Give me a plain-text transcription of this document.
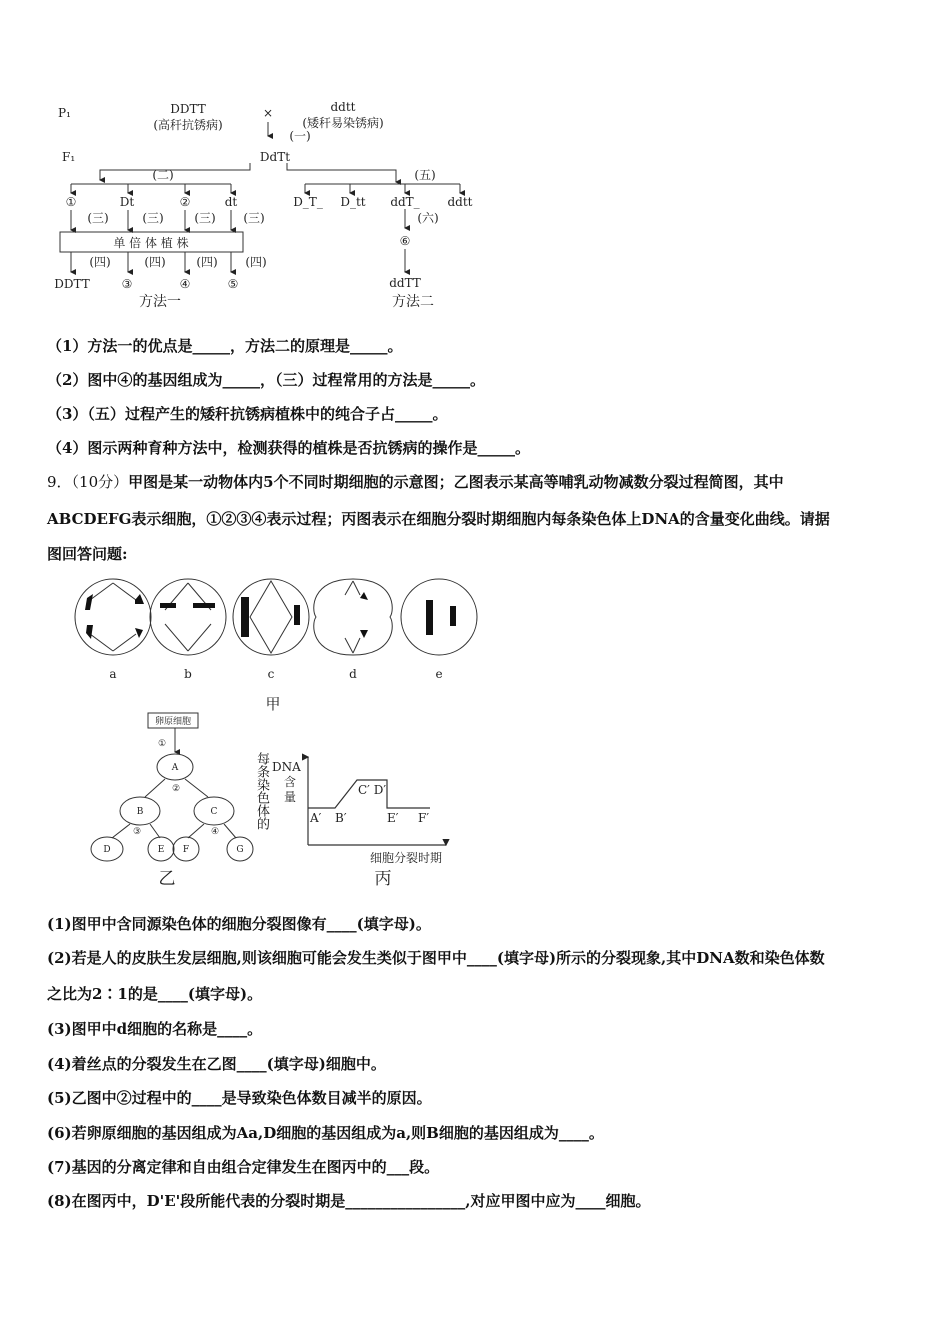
P₁	DDTT
(高秆抗锈病)
×	ddtt
(矮秆易染锈病)
(一)
F₁	DdTt
(二)
①	Dt	②	dt
(三)	(三)	(三) (三)
单 倍 体 植 株
(四)	(四)	(四) (四)
DDTT	③	④	⑤
方法一
(五)
D_T_ D_tt ddT_ ddtt
(六)
⑥
ddTT
方法二
（1）方法一的优点是_____，方法二的原理是_____。
（2）图中④的基因组成为_____，（三）过程常用的方法是_____。
（3）（五）过程产生的矮秆抗锈病植株中的纯合子占_____。
（4）图示两种育种方法中，检测获得的植株是否抗锈病的操作是_____。
9．（10分）甲图是某一动物体内5个不同时期细胞的示意图；乙图表示某高等哺乳动物减数分裂过程简图，其中
ABCDEFG表示细胞，①②③④表示过程；丙图表示在细胞分裂时期细胞内每条染色体上DNA的含量变化曲线。请据
图回答问题:
a	b	c	d	e
甲
卵原细胞
①
②
③	④
A
B	C
D	E F	G
乙
每条染色体的 DNA
含
量
A′ B′
C′ D′
E′ F′
细胞分裂时期
丙
(1)图甲中含同源染色体的细胞分裂图像有____(填字母)。
(2)若是人的皮肤生发层细胞,则该细胞可能会发生类似于图甲中____(填字母)所示的分裂现象,其中DNA数和染色体数
之比为2∶1的是____(填字母)。
(3)图甲中d细胞的名称是____。
(4)着丝点的分裂发生在乙图____(填字母)细胞中。
(5)乙图中②过程中的____是导致染色体数目减半的原因。
(6)若卵原细胞的基因组成为Aa,D细胞的基因组成为a,则B细胞的基因组成为____。
(7)基因的分离定律和自由组合定律发生在图丙中的___段。
(8)在图丙中，D'E'段所能代表的分裂时期是________________,对应甲图中应为____细胞。
